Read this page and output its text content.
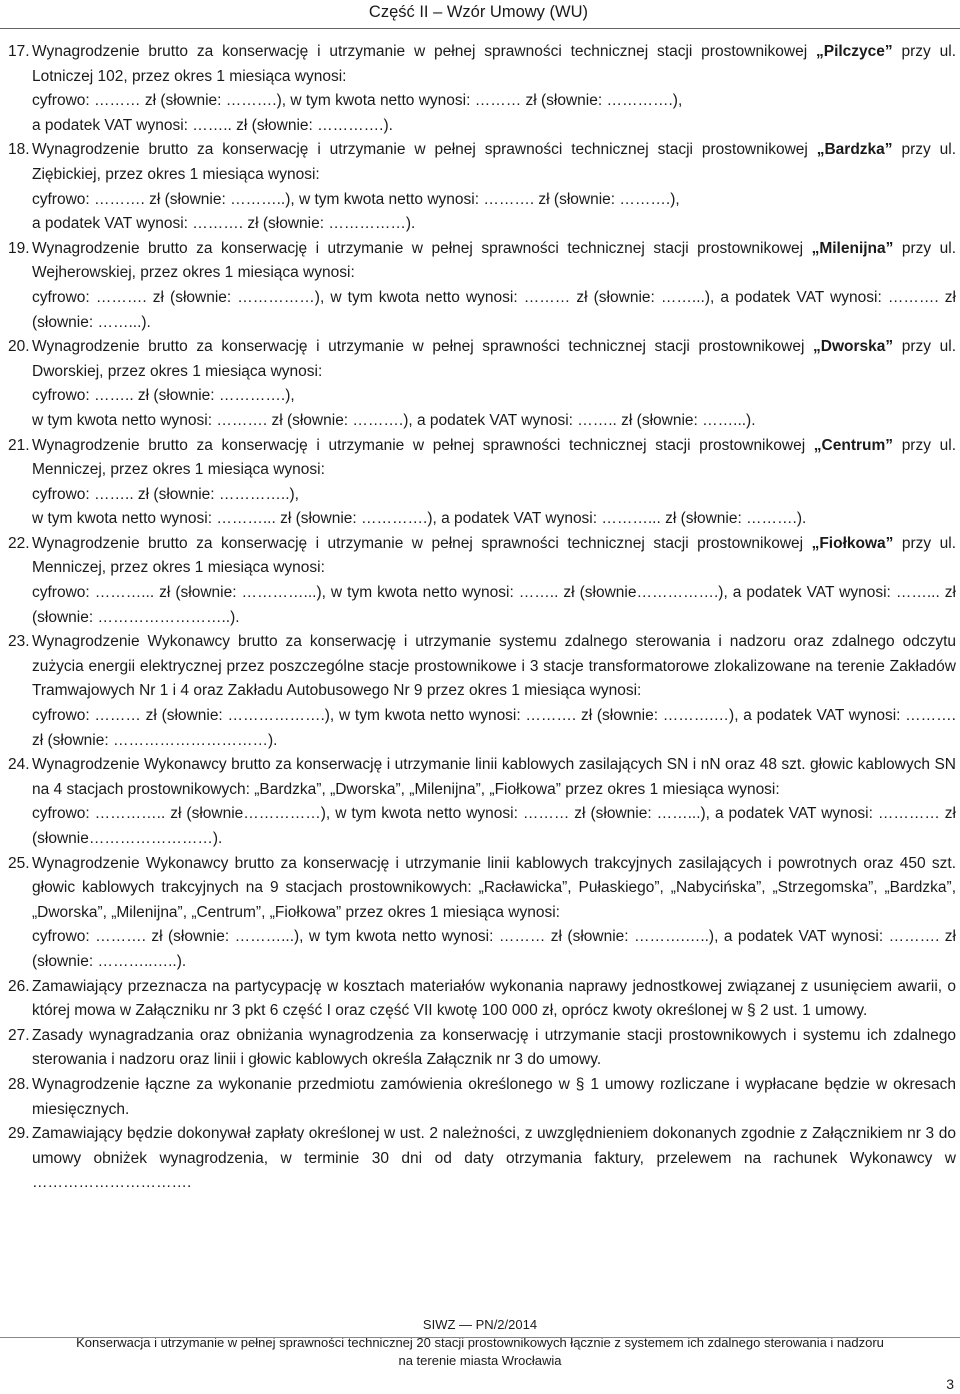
Część II – Wzór Umowy (WU)
17. Wynagrodzenie brutto za konserwację i utrzymanie w pełnej sprawności technicznej stacji prostownikowej „Pilczyce” przy ul. Lotniczej 102, przez okres 1 miesiąca wynosi:

cyfrowo: ……… zł (słownie: ……….), w tym kwota netto wynosi: ……… zł (słownie: ………….),

a podatek VAT wynosi: …….. zł (słownie: ………….).

18. Wynagrodzenie brutto za konserwację i utrzymanie w pełnej sprawności technicznej stacji prostownikowej „Bardzka” przy ul. Ziębickiej, przez okres 1 miesiąca wynosi:

cyfrowo: ………. zł (słownie: ………..), w tym kwota netto wynosi: ………. zł (słownie: ……….),

a podatek VAT wynosi: ………. zł (słownie: ……………).

19. Wynagrodzenie brutto za konserwację i utrzymanie w pełnej sprawności technicznej stacji prostownikowej „Milenijna” przy ul. Wejherowskiej, przez okres 1 miesiąca wynosi:

cyfrowo: ………. zł (słownie: ……………), w tym kwota netto wynosi: ……… zł (słownie: ……...), a podatek VAT wynosi: ………. zł (słownie: ……...).

20. Wynagrodzenie brutto za konserwację i utrzymanie w pełnej sprawności technicznej stacji prostownikowej „Dworska” przy ul. Dworskiej, przez okres 1 miesiąca wynosi:

cyfrowo: …….. zł (słownie: ………….),

w tym kwota netto wynosi: ………. zł (słownie: ……….), a podatek VAT wynosi: …….. zł (słownie: ……...).

21. Wynagrodzenie brutto za konserwację i utrzymanie w pełnej sprawności technicznej stacji prostownikowej „Centrum” przy ul. Menniczej, przez okres 1 miesiąca wynosi:

cyfrowo: …….. zł (słownie: …………..),

w tym kwota netto wynosi: ………... zł (słownie: ………….), a podatek VAT wynosi: ………... zł (słownie: ……….).

22. Wynagrodzenie brutto za konserwację i utrzymanie w pełnej sprawności technicznej stacji prostownikowej „Fiołkowa” przy ul. Menniczej, przez okres 1 miesiąca wynosi:

cyfrowo: ………... zł (słownie: …………...), w tym kwota netto wynosi: …….. zł (słownie…………….), a podatek VAT wynosi: ……... zł (słownie: ……………………..).

23. Wynagrodzenie Wykonawcy brutto za konserwację i utrzymanie systemu zdalnego sterowania i nadzoru oraz zdalnego odczytu zużycia energii elektrycznej przez poszczególne stacje prostownikowe i 3 stacje transformatorowe zlokalizowane na terenie Zakładów Tramwajowych Nr 1 i 4 oraz Zakładu Autobusowego Nr 9 przez okres 1 miesiąca wynosi:

cyfrowo: ……… zł (słownie: ……………….), w tym kwota netto wynosi: ………. zł (słownie: ……….…), a podatek VAT wynosi: ………. zł (słownie: …………………………).

24. Wynagrodzenie Wykonawcy brutto za konserwację i utrzymanie linii kablowych zasilających SN i nN oraz 48 szt. głowic kablowych SN na 4 stacjach prostownikowych: „Bardzka”, „Dworska”, „Milenijna”, „Fiołkowa” przez okres 1 miesiąca wynosi:

cyfrowo: ………….. zł (słownie……………), w tym kwota netto wynosi: ……… zł (słownie: ……...), a podatek VAT wynosi: ………… zł (słownie……………………).

25. Wynagrodzenie Wykonawcy brutto za konserwację i utrzymanie linii kablowych trakcyjnych zasilających i powrotnych oraz 450 szt. głowic kablowych trakcyjnych na 9 stacjach prostownikowych: „Racławicka”, Pułaskiego”, „Nabycińska”, „Strzegomska”, „Bardzka”, „Dworska”, „Milenijna”, „Centrum”, „Fiołkowa” przez okres 1 miesiąca wynosi:

cyfrowo: ………. zł (słownie: ………...), w tym kwota netto wynosi: ……… zł (słownie: ……….…..), a podatek VAT wynosi: ………. zł (słownie: ………..…..).

26. Zamawiający przeznacza na partycypację w kosztach materiałów wykonania naprawy jednostkowej związanej z usunięciem awarii, o której mowa w Załączniku nr 3 pkt 6 część I oraz część VII kwotę 100 000 zł, oprócz kwoty określonej w § 2 ust. 1 umowy.

27. Zasady wynagradzania oraz obniżania wynagrodzenia za konserwację i utrzymanie stacji prostownikowych i systemu ich zdalnego sterowania i nadzoru oraz linii i głowic kablowych określa Załącznik nr 3 do umowy.

28. Wynagrodzenie łączne za wykonanie przedmiotu zamówienia określonego w § 1 umowy rozliczane i wypłacane będzie w okresach miesięcznych.

29. Zamawiający będzie dokonywał zapłaty określonej w ust. 2 należności, z uwzględnieniem dokonanych zgodnie z Załącznikiem nr 3 do umowy obniżek wynagrodzenia, w terminie 30 dni od daty otrzymania faktury, przelewem na rachunek Wykonawcy w ………………………….

SIWZ — PN/2/2014
Konserwacja i utrzymanie w pełnej sprawności technicznej 20 stacji prostownikowych łącznie z systemem ich zdalnego sterowania i nadzoru
na terenie miasta Wrocławia
3
